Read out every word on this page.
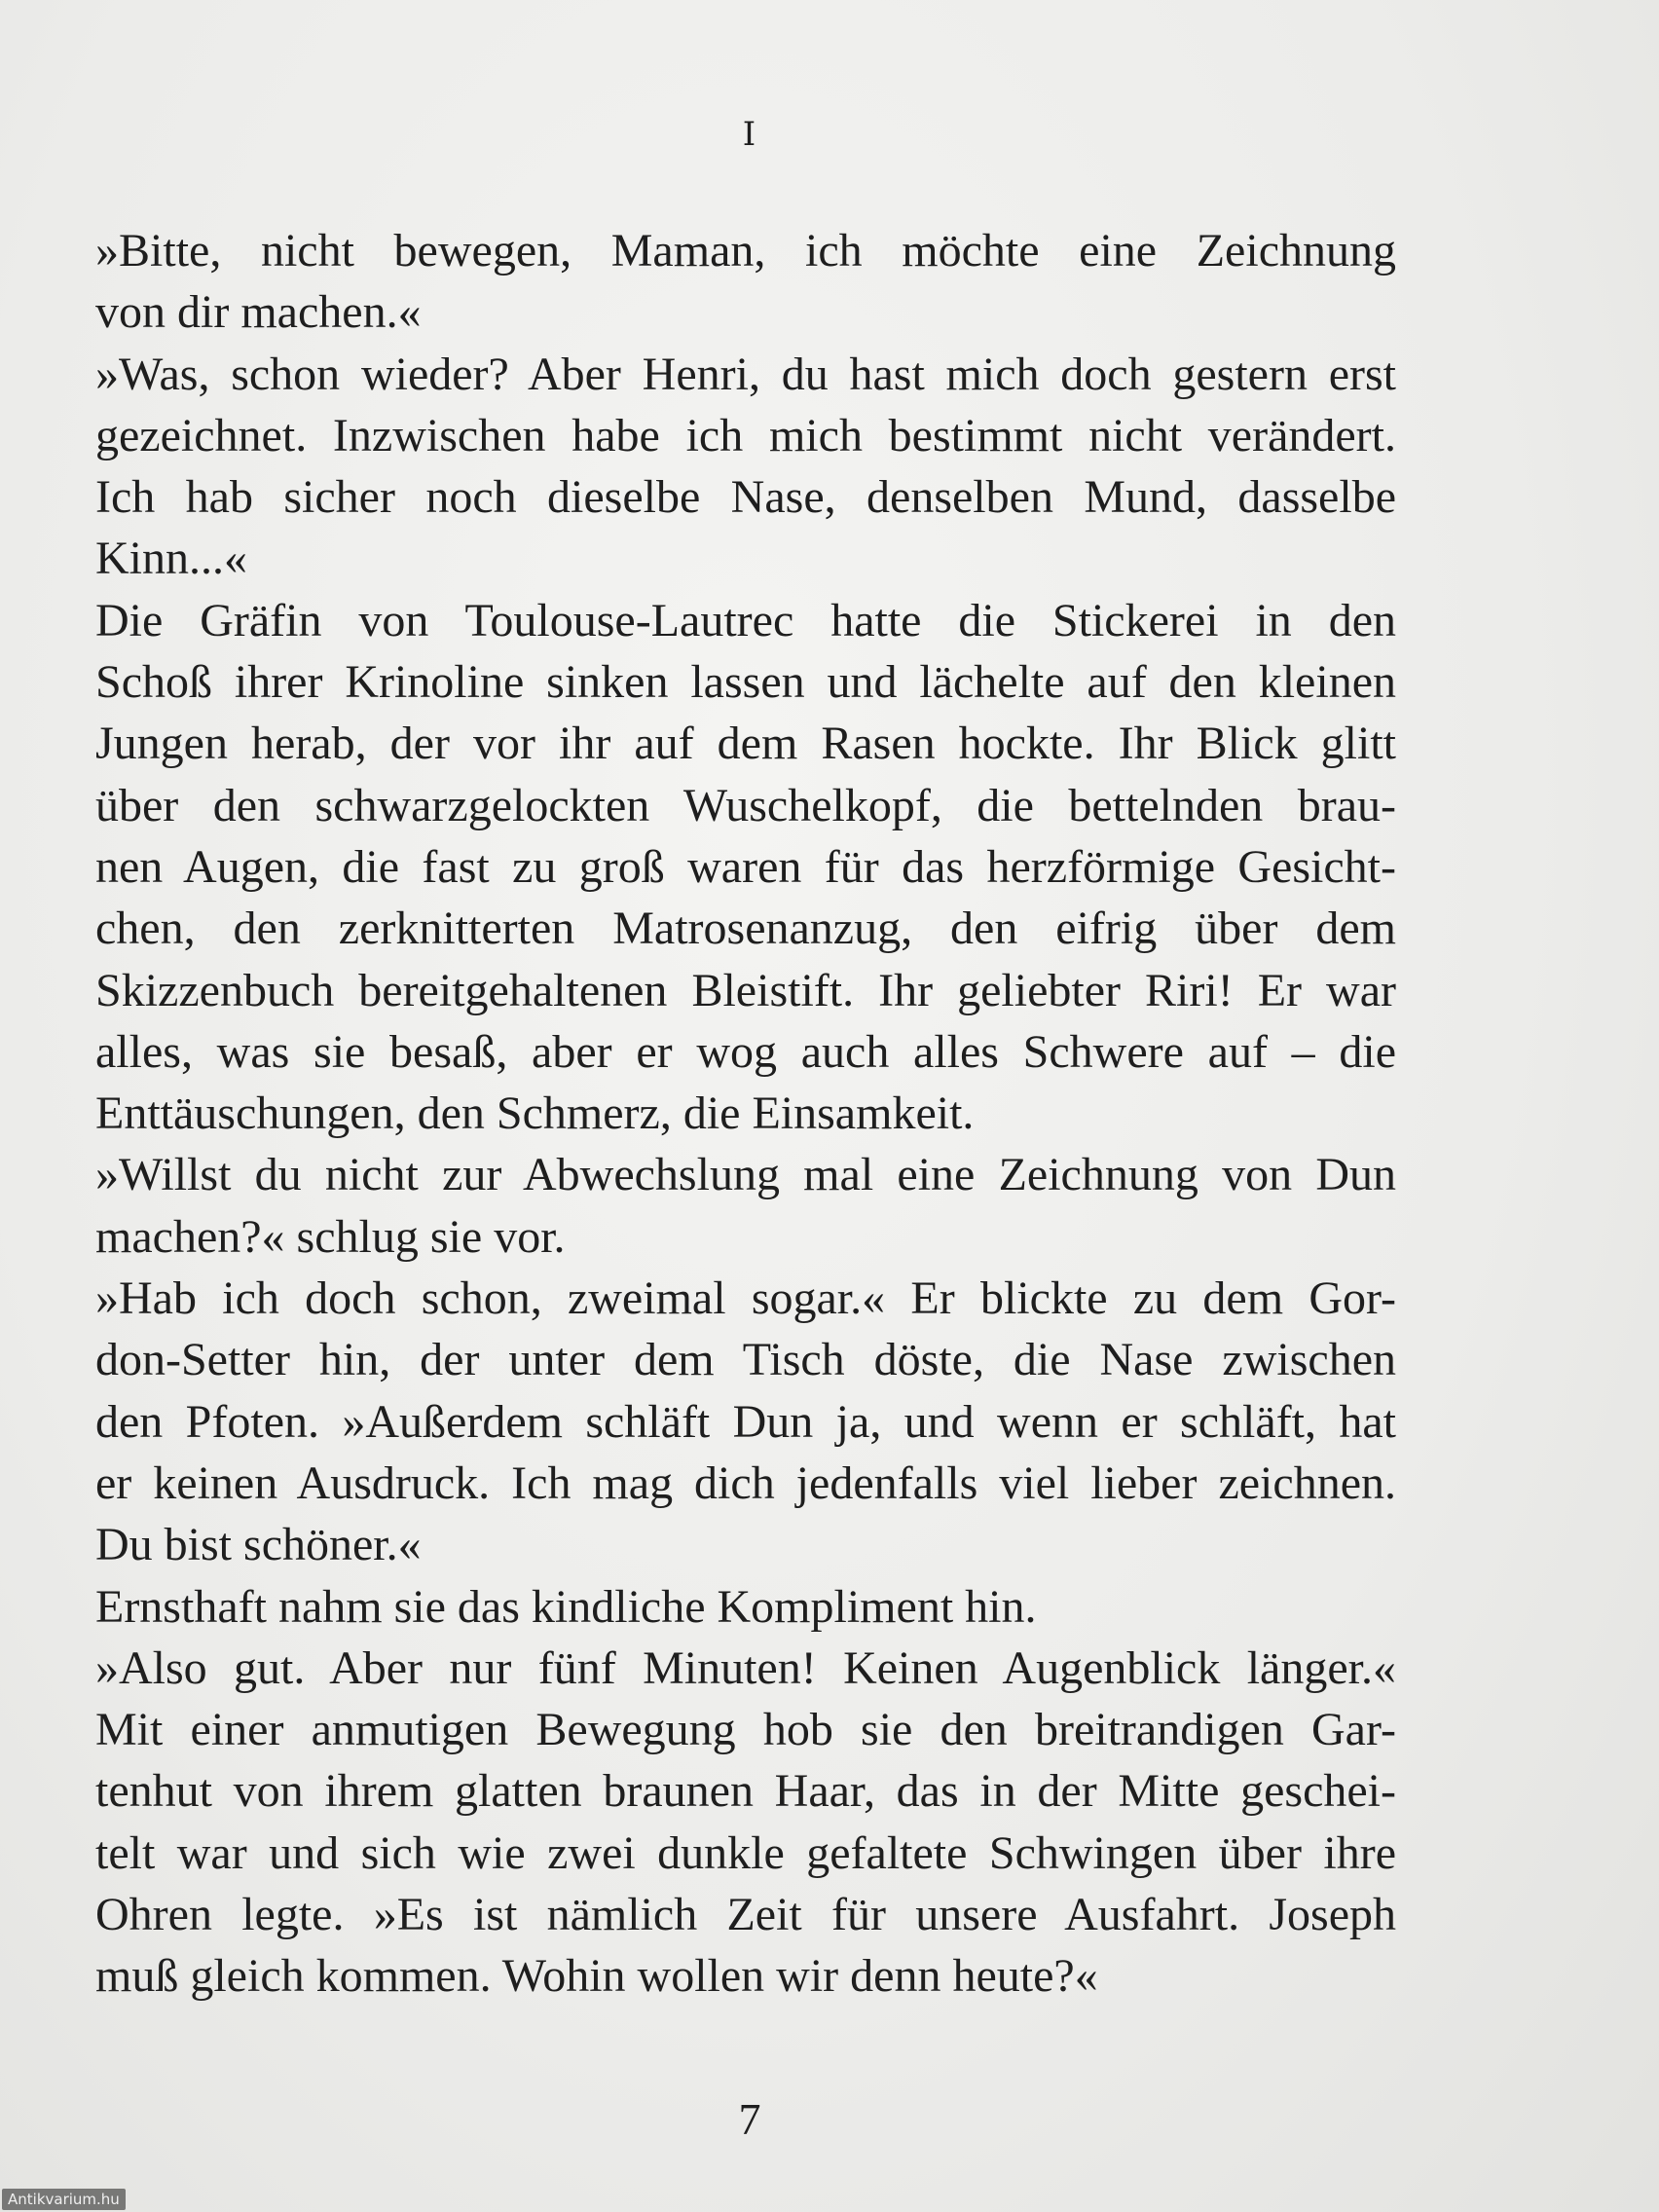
I
»Bitte, nicht bewegen, Maman, ich möchte eine Zeichnung
von dir machen.«
»Was, schon wieder? Aber Henri, du hast mich doch gestern erst
gezeichnet. Inzwischen habe ich mich bestimmt nicht verändert.
Ich hab sicher noch dieselbe Nase, denselben Mund, dasselbe
Kinn...«
Die Gräfin von Toulouse-Lautrec hatte die Stickerei in den
Schoß ihrer Krinoline sinken lassen und lächelte auf den kleinen
Jungen herab, der vor ihr auf dem Rasen hockte. Ihr Blick glitt
über den schwarzgelockten Wuschelkopf, die bettelnden brau-
nen Augen, die fast zu groß waren für das herzförmige Gesicht-
chen, den zerknitterten Matrosenanzug, den eifrig über dem
Skizzenbuch bereitgehaltenen Bleistift. Ihr geliebter Riri! Er war
alles, was sie besaß, aber er wog auch alles Schwere auf – die
Enttäuschungen, den Schmerz, die Einsamkeit.
»Willst du nicht zur Abwechslung mal eine Zeichnung von Dun
machen?« schlug sie vor.
»Hab ich doch schon, zweimal sogar.« Er blickte zu dem Gor-
don-Setter hin, der unter dem Tisch döste, die Nase zwischen
den Pfoten. »Außerdem schläft Dun ja, und wenn er schläft, hat
er keinen Ausdruck. Ich mag dich jedenfalls viel lieber zeichnen.
Du bist schöner.«
Ernsthaft nahm sie das kindliche Kompliment hin.
»Also gut. Aber nur fünf Minuten! Keinen Augenblick länger.«
Mit einer anmutigen Bewegung hob sie den breitrandigen Gar-
tenhut von ihrem glatten braunen Haar, das in der Mitte geschei-
telt war und sich wie zwei dunkle gefaltete Schwingen über ihre
Ohren legte. »Es ist nämlich Zeit für unsere Ausfahrt. Joseph
muß gleich kommen. Wohin wollen wir denn heute?«
7
Antikvarium.hu
